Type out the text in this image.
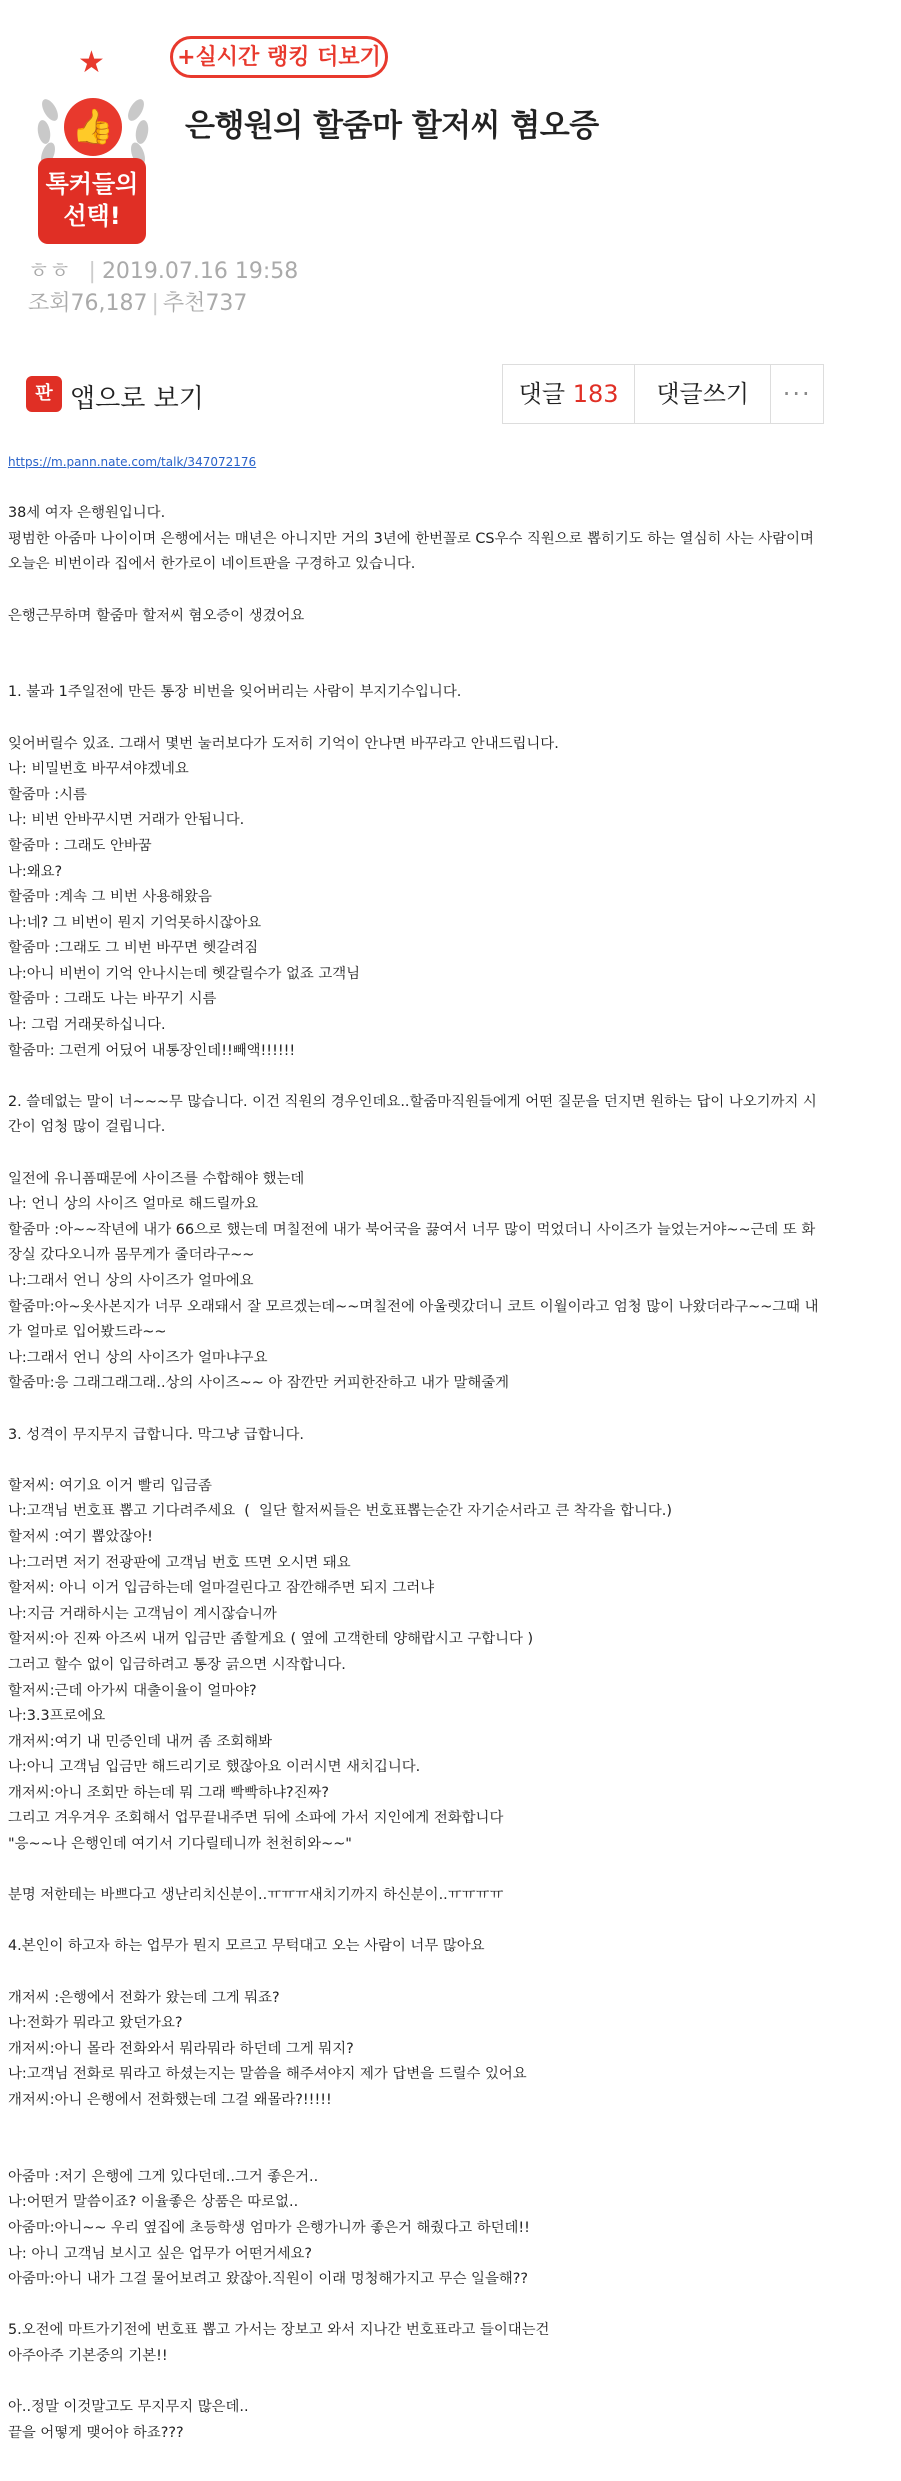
★
👍
톡커들의 선택!
+실시간 랭킹 더보기
은행원의 할줌마 할저씨 혐오증
ㅎㅎ | 2019.07.16 19:58
조회76,187 | 추천737
판 앱으로 보기	댓글 183	댓글쓰기	···
https://m.pann.nate.com/talk/347072176
38세 여자 은행원입니다.
평범한 아줌마 나이이며 은행에서는 매년은 아니지만 거의 3년에 한번꼴로 CS우수 직원으로 뽑히기도 하는 열심히 사는 사람이며
오늘은 비번이라 집에서 한가로이 네이트판을 구경하고 있습니다.
은행근무하며 할줌마 할저씨 혐오증이 생겼어요
1. 불과 1주일전에 만든 통장 비번을 잊어버리는 사람이 부지기수입니다.
잊어버릴수 있죠. 그래서 몇번 눌러보다가 도저히 기억이 안나면 바꾸라고 안내드립니다.
나: 비밀번호 바꾸셔야겠네요
할줌마 :시름
나: 비번 안바꾸시면 거래가 안됩니다.
할줌마 : 그래도 안바꿈
나:왜요?
할줌마 :계속 그 비번 사용해왔음
나:네? 그 비번이 뭔지 기억못하시잖아요
할줌마 :그래도 그 비번 바꾸면 헷갈려짐
나:아니 비번이 기억 안나시는데 헷갈릴수가 없죠 고객님
할줌마 : 그래도 나는 바꾸기 시름
나: 그럼 거래못하십니다.
할줌마: 그런게 어딨어 내통장인데!!빼액!!!!!!
2. 쓸데없는 말이 너~~~무 많습니다. 이건 직원의 경우인데요..할줌마직원들에게 어떤 질문을 던지면 원하는 답이 나오기까지 시
간이 엄청 많이 걸립니다.
일전에 유니폼때문에 사이즈를 수합해야 했는데
나: 언니 상의 사이즈 얼마로 해드릴까요
할줌마 :아~~작년에 내가 66으로 했는데 며칠전에 내가 북어국을 끓여서 너무 많이 먹었더니 사이즈가 늘었는거야~~근데 또 화
장실 갔다오니까 몸무게가 줄더라구~~
나:그래서 언니 상의 사이즈가 얼마에요
할줌마:아~옷사본지가 너무 오래돼서 잘 모르겠는데~~며칠전에 아울렛갔더니 코트 이월이라고 엄청 많이 나왔더라구~~그때 내
가 얼마로 입어봤드라~~
나:그래서 언니 상의 사이즈가 얼마냐구요
할줌마:응 그래그래그래..상의 사이즈~~ 아 잠깐만 커피한잔하고 내가 말해줄게
3. 성격이 무지무지 급합니다. 막그냥 급합니다.
할저씨: 여기요 이거 빨리 입금좀
나:고객님 번호표 뽑고 기다려주세요  (  일단 할저씨들은 번호표뽑는순간 자기순서라고 큰 착각을 합니다.)
할저씨 :여기 뽑았잖아!
나:그러면 저기 전광판에 고객님 번호 뜨면 오시면 돼요
할저씨: 아니 이거 입금하는데 얼마걸린다고 잠깐해주면 되지 그러냐
나:지금 거래하시는 고객님이 계시잖습니까
할저씨:아 진짜 아즈씨 내꺼 입금만 좀할게요 ( 옆에 고객한테 양해랍시고 구합니다 )
그러고 할수 없이 입금하려고 통장 긁으면 시작합니다.
할저씨:근데 아가씨 대출이율이 얼마야?
나:3.3프로에요
개저씨:여기 내 민증인데 내꺼 좀 조회해봐
나:아니 고객님 입금만 해드리기로 했잖아요 이러시면 새치깁니다.
개저씨:아니 조회만 하는데 뭐 그래 빡빡하냐?진짜?
그리고 겨우겨우 조회해서 업무끝내주면 뒤에 소파에 가서 지인에게 전화합니다
"응~~나 은행인데 여기서 기다릴테니까 천천히와~~"
분명 저한테는 바쁘다고 생난리치신분이..ㅠㅠㅠ새치기까지 하신분이..ㅠㅠㅠㅠ
4.본인이 하고자 하는 업무가 뭔지 모르고 무턱대고 오는 사람이 너무 많아요
개저씨 :은행에서 전화가 왔는데 그게 뭐죠?
나:전화가 뭐라고 왔던가요?
개저씨:아니 몰라 전화와서 뭐라뭐라 하던데 그게 뭐지?
나:고객님 전화로 뭐라고 하셨는지는 말씀을 해주셔야지 제가 답변을 드릴수 있어요
개저씨:아니 은행에서 전화했는데 그걸 왜몰라?!!!!!
아줌마 :저기 은행에 그게 있다던데..그거 좋은거..
나:어떤거 말씀이죠? 이율좋은 상품은 따로없..
아줌마:아니~~ 우리 옆집에 초등학생 엄마가 은행가니까 좋은거 해줬다고 하던데!!
나: 아니 고객님 보시고 싶은 업무가 어떤거세요?
아줌마:아니 내가 그걸 물어보려고 왔잖아.직원이 이래 멍청해가지고 무슨 일을해??
5.오전에 마트가기전에 번호표 뽑고 가서는 장보고 와서 지나간 번호표라고 들이대는건
아주아주 기본중의 기본!!
아..정말 이것말고도 무지무지 많은데..
끝을 어떻게 맺어야 하죠???
